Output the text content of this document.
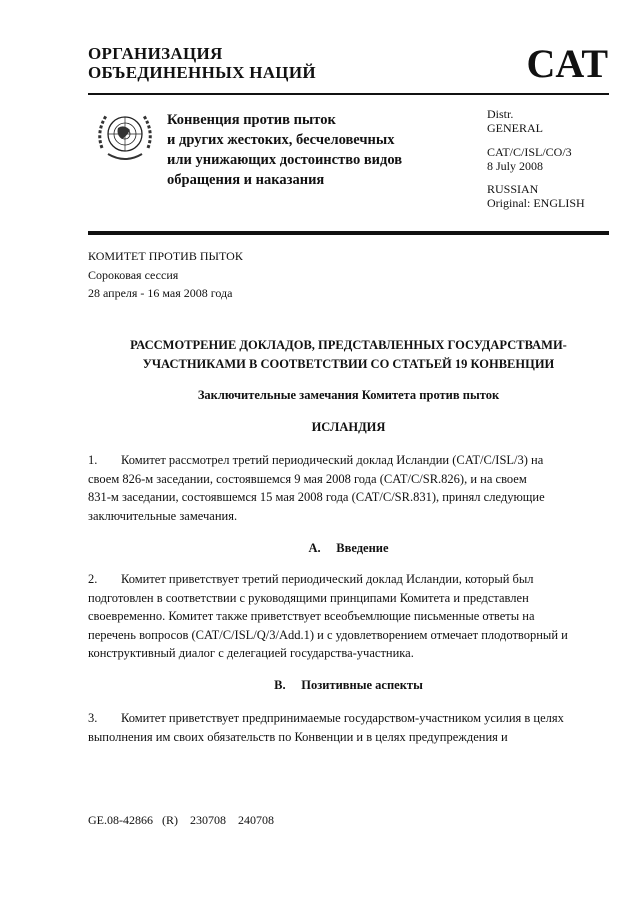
ОРГАНИЗАЦИЯ
ОБЪЕДИНЕННЫХ НАЦИЙ	CAT
Конвенция против пыток
и других жестоких, бесчеловечных
или унижающих достоинство видов
обращения и наказания
Distr.
GENERAL
CAT/C/ISL/CO/3
8 July 2008
RUSSIAN
Original: ENGLISH
КОМИТЕТ ПРОТИВ ПЫТОК
Сороковая сессия
28 апреля - 16 мая 2008 года
РАССМОТРЕНИЕ ДОКЛАДОВ, ПРЕДСТАВЛЕННЫХ ГОСУДАРСТВАМИ-
УЧАСТНИКАМИ В СООТВЕТСТВИИ СО СТАТЬЕЙ 19 КОНВЕНЦИИ
Заключительные замечания Комитета против пыток
ИСЛАНДИЯ
1. Комитет рассмотрел третий периодический доклад Исландии (CAT/C/ISL/3) на
своем 826-м заседании, состоявшемся 9 мая 2008 года (CAT/C/SR.826), и на своем
831-м заседании, состоявшемся 15 мая 2008 года (CAT/C/SR.831), принял следующие
заключительные замечания.
A. Введение
2. Комитет приветствует третий периодический доклад Исландии, который был
подготовлен в соответствии с руководящими принципами Комитета и представлен
своевременно. Комитет также приветствует всеобъемлющие письменные ответы на
перечень вопросов (CAT/C/ISL/Q/3/Add.1) и с удовлетворением отмечает плодотворный и
конструктивный диалог с делегацией государства-участника.
B. Позитивные аспекты
3. Комитет приветствует предпринимаемые государством-участником усилия в целях
выполнения им своих обязательств по Конвенции и в целях предупреждения и
GE.08-42866   (R)    230708    240708
